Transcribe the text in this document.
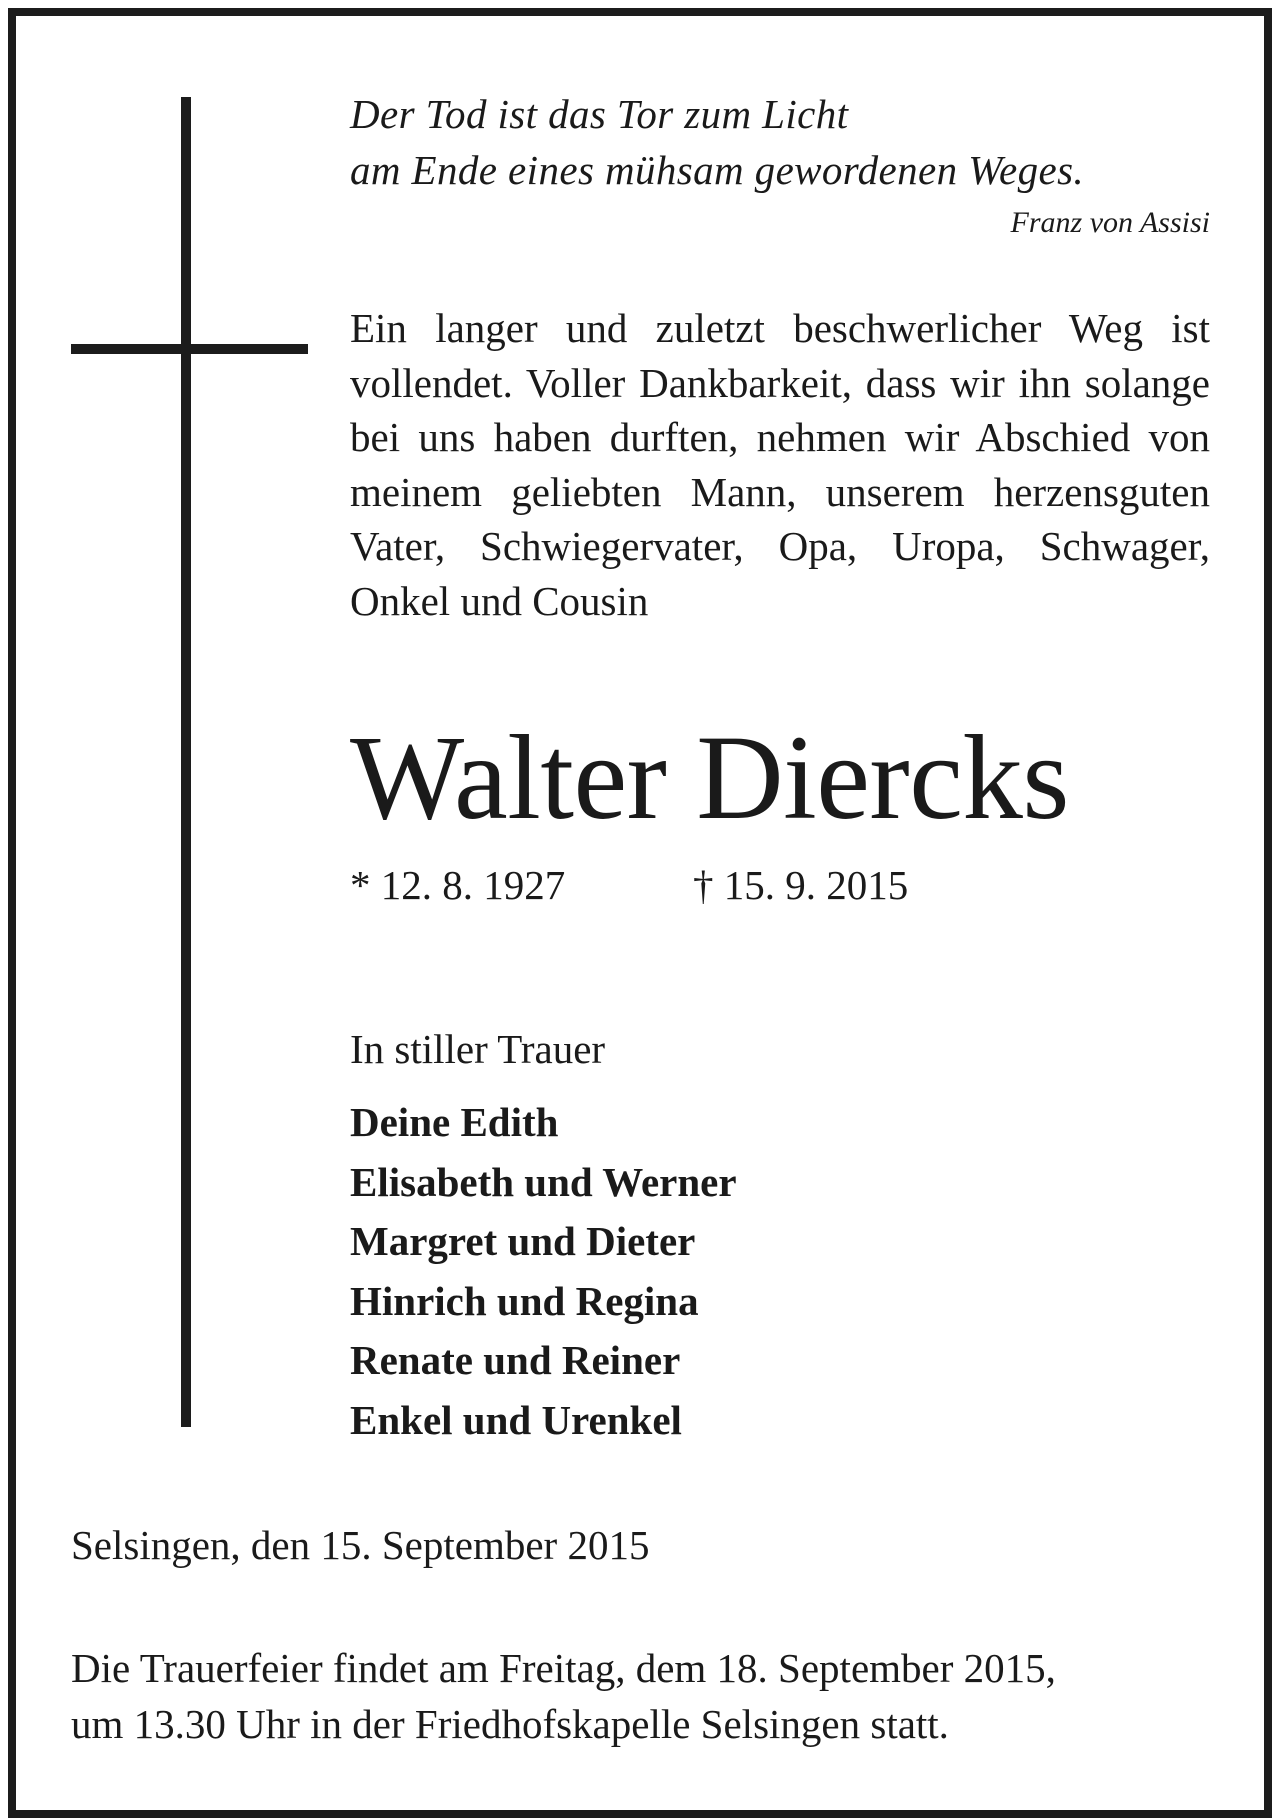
Der Tod ist das Tor zum Licht
am Ende eines mühsam gewordenen Weges.
Franz von Assisi
Ein langer und zuletzt beschwerlicher Weg ist vollendet. Voller Dankbarkeit, dass wir ihn solange bei uns haben durften, nehmen wir Abschied von meinem geliebten Mann, unserem herzensguten Vater, Schwiegervater, Opa, Uropa, Schwager, Onkel und Cousin
Walter Diercks
* 12. 8. 1927	† 15. 9. 2015
In stiller Trauer
Deine Edith
Elisabeth und Werner
Margret und Dieter
Hinrich und Regina
Renate und Reiner
Enkel und Urenkel
Selsingen, den 15. September 2015
Die Trauerfeier findet am Freitag, dem 18. September 2015,
um 13.30 Uhr in der Friedhofskapelle Selsingen statt.
